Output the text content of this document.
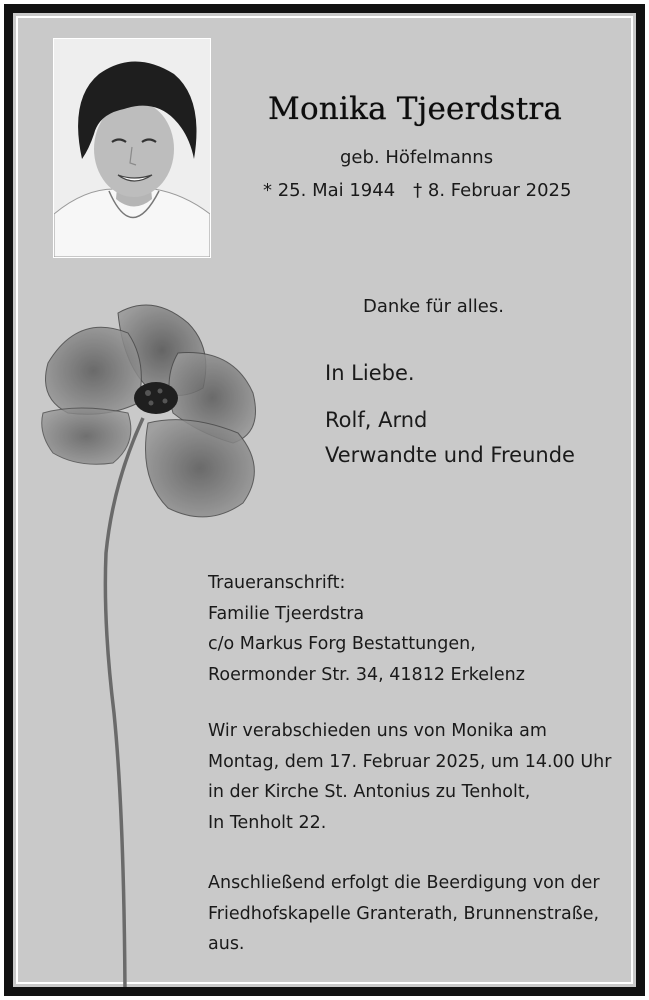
Monika Tjeerdstra
geb. Höfelmanns
* 25. Mai 1944 † 8. Februar 2025
Danke für alles.
In Liebe.
Rolf, Arnd
Verwandte und Freunde
Traueranschrift:
Familie Tjeerdstra
c/o Markus Forg Bestattungen,
Roermonder Str. 34, 41812 Erkelenz
Wir verabschieden uns von Monika am
Montag, dem 17. Februar 2025, um 14.00 Uhr
in der Kirche St. Antonius zu Tenholt,
In Tenholt 22.
Anschließend erfolgt die Beerdigung von der
Friedhofskapelle Granterath, Brunnenstraße,
aus.
